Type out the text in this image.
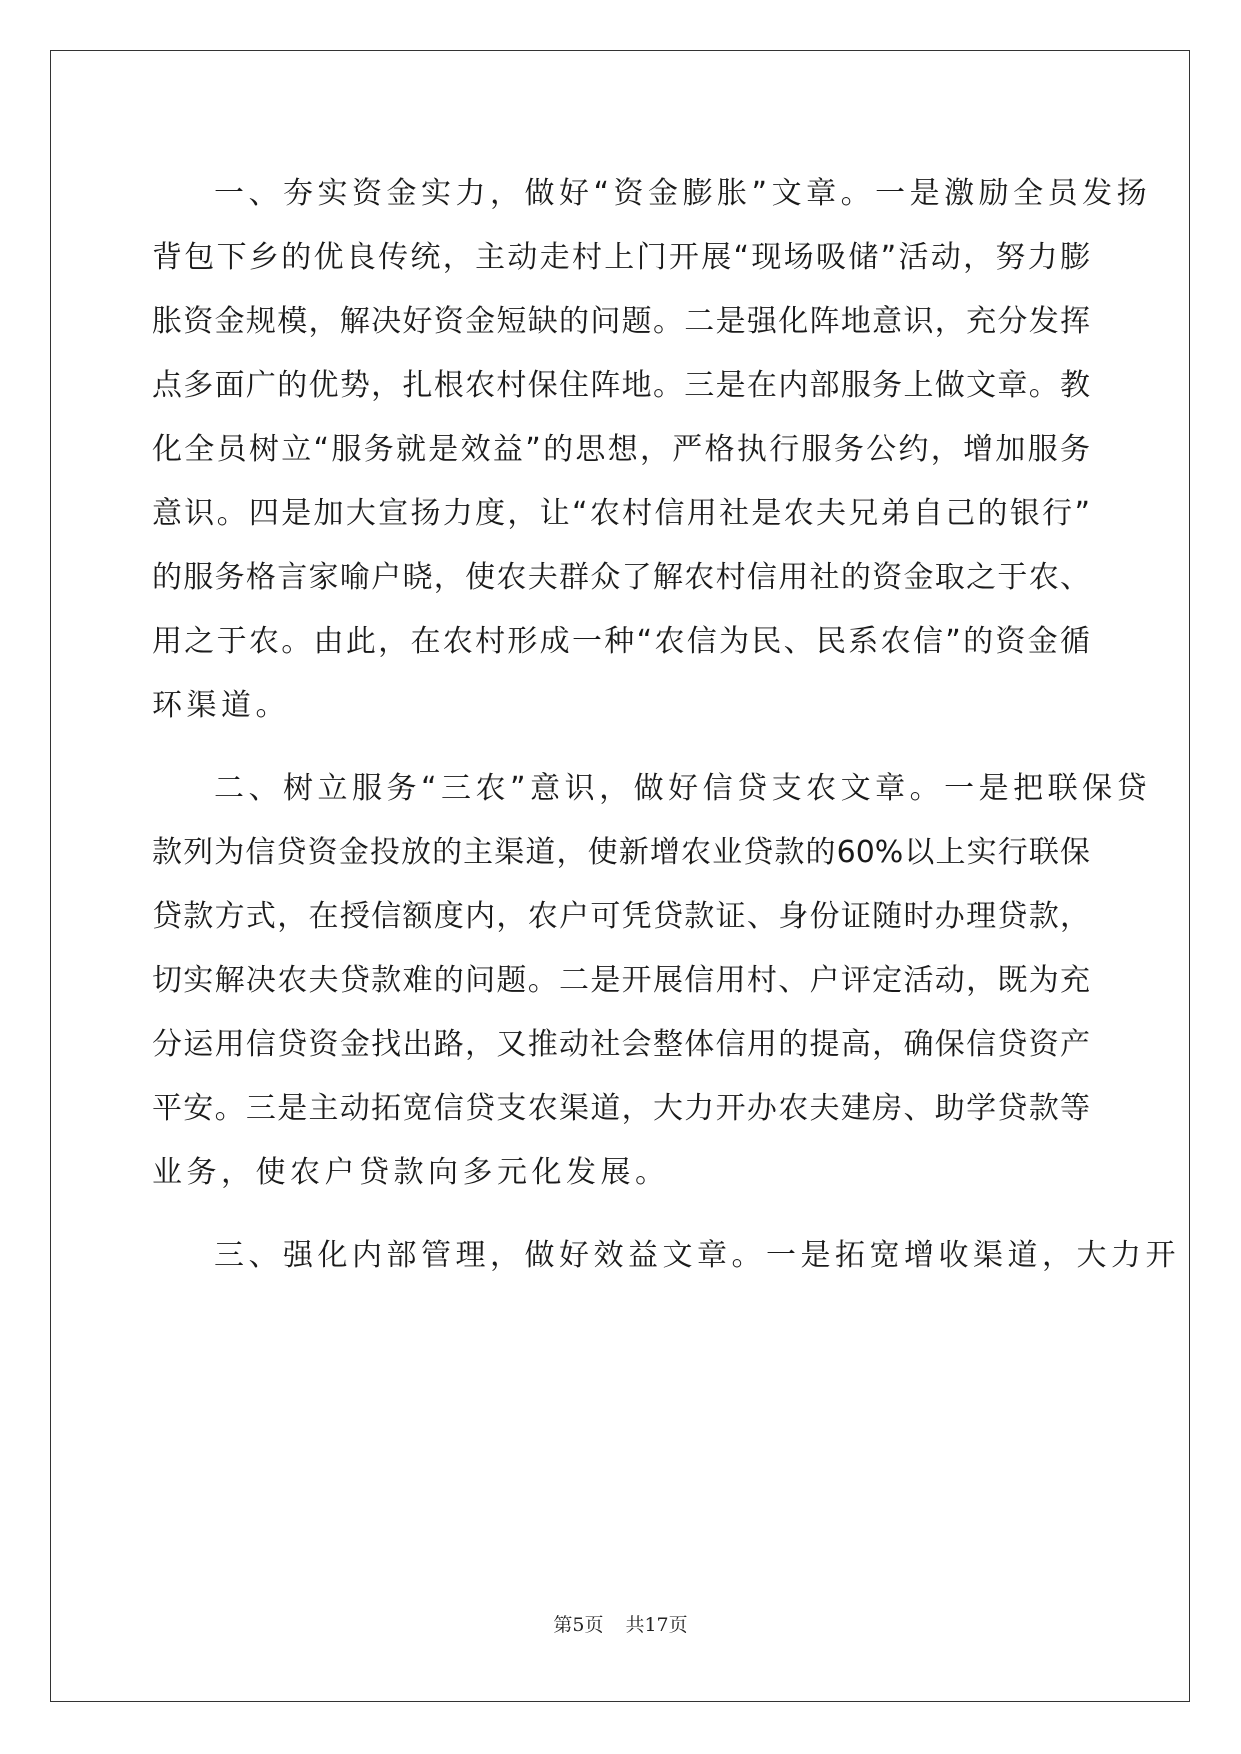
一、夯实资金实力，做好“资金膨胀”文章。一是激励全员发扬
背包下乡的优良传统，主动走村上门开展“现场吸储”活动，努力膨
胀资金规模，解决好资金短缺的问题。二是强化阵地意识，充分发挥
点多面广的优势，扎根农村保住阵地。三是在内部服务上做文章。教
化全员树立“服务就是效益”的思想，严格执行服务公约，增加服务
意识。四是加大宣扬力度，让“农村信用社是农夫兄弟自己的银行”
的服务格言家喻户晓，使农夫群众了解农村信用社的资金取之于农、
用之于农。由此，在农村形成一种“农信为民、民系农信”的资金循
环渠道。
二、树立服务“三农”意识，做好信贷支农文章。一是把联保贷
款列为信贷资金投放的主渠道，使新增农业贷款的60%以上实行联保
贷款方式，在授信额度内，农户可凭贷款证、身份证随时办理贷款，
切实解决农夫贷款难的问题。二是开展信用村、户评定活动，既为充
分运用信贷资金找出路，又推动社会整体信用的提高，确保信贷资产
平安。三是主动拓宽信贷支农渠道，大力开办农夫建房、助学贷款等
业务，使农户贷款向多元化发展。
三、强化内部管理，做好效益文章。一是拓宽增收渠道，大力开
第5页 共17页
